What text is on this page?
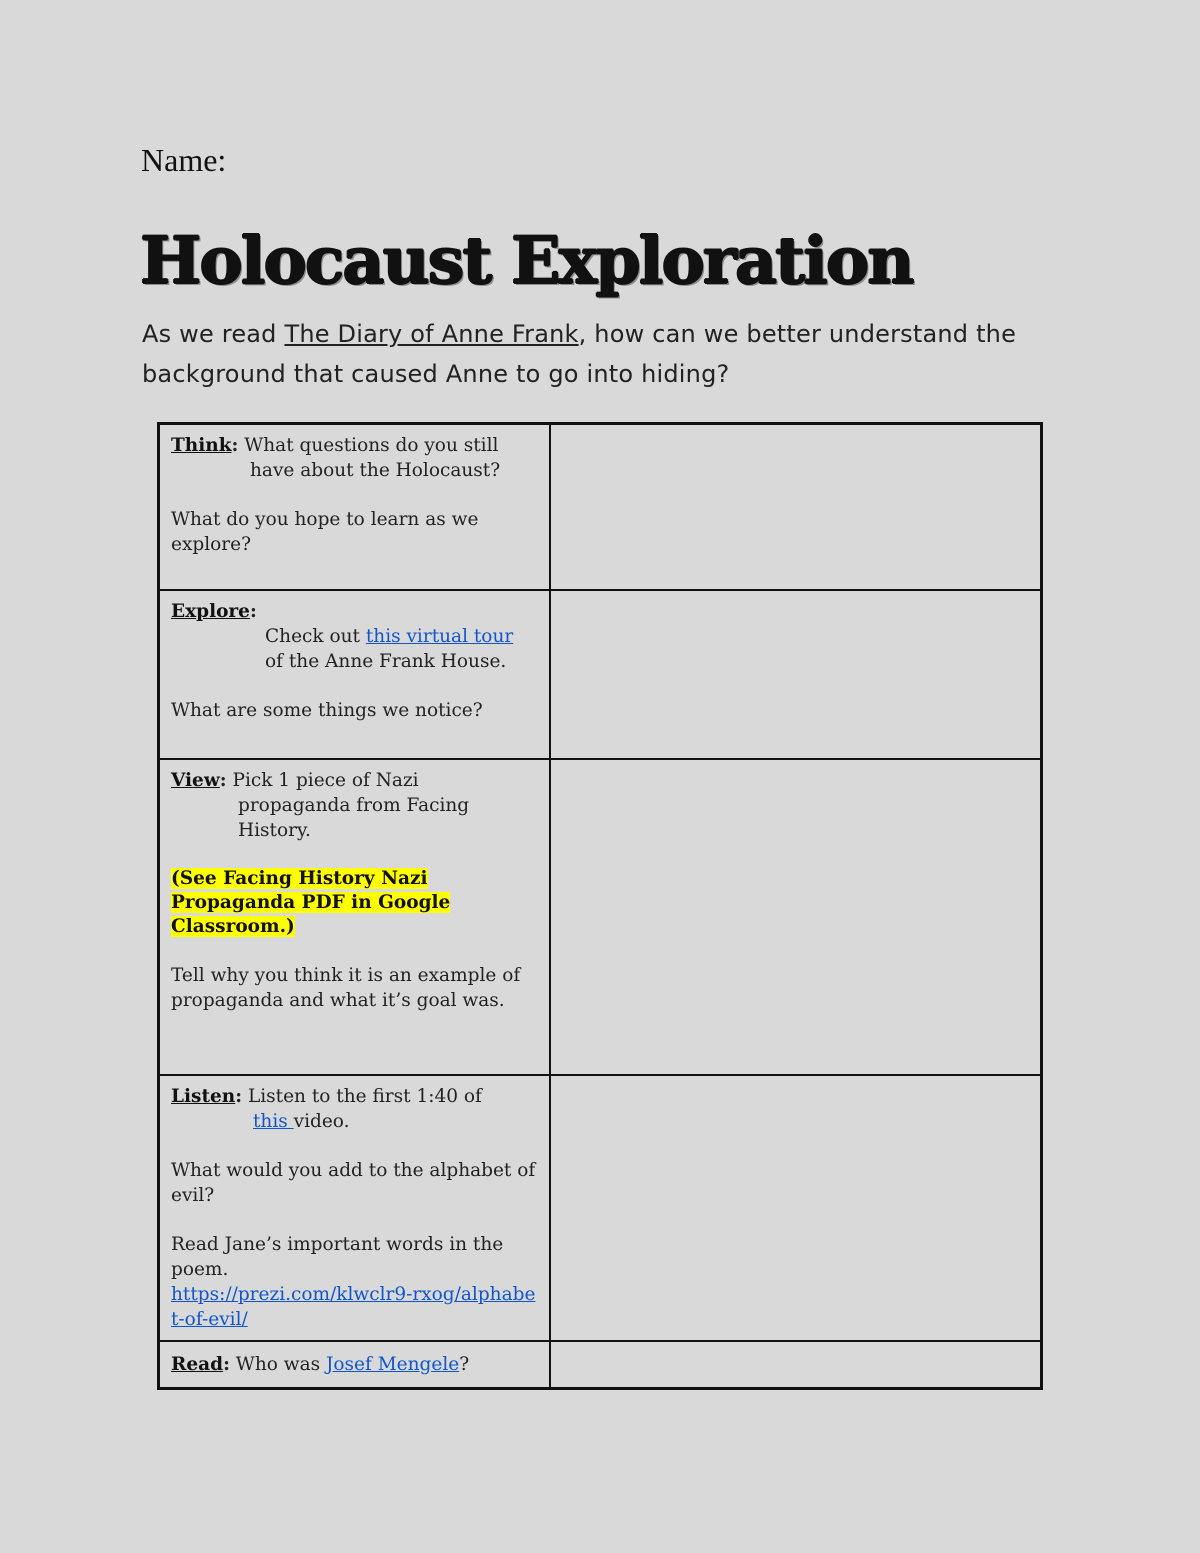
Name:
Holocaust Exploration
As we read The Diary of Anne Frank, how can we better understand the background that caused Anne to go into hiding?

Think: What questions do you still
have about the Holocaust?

What do you hope to learn as we explore?	

Explore:
Check out this virtual tour
of the Anne Frank House.

What are some things we notice?	

View: Pick 1 piece of Nazi
propaganda from Facing History.

(See Facing History Nazi Propaganda PDF in Google Classroom.)

Tell why you think it is an example of propaganda and what it’s goal was.	

Listen: Listen to the first 1:40 of
this video.

What would you add to the alphabet of evil?

Read Jane’s important words in the poem.
https://prezi.com/klwclr9-rxog/alphabet-of-evil/	

Read: Who was Josef Mengele?	
